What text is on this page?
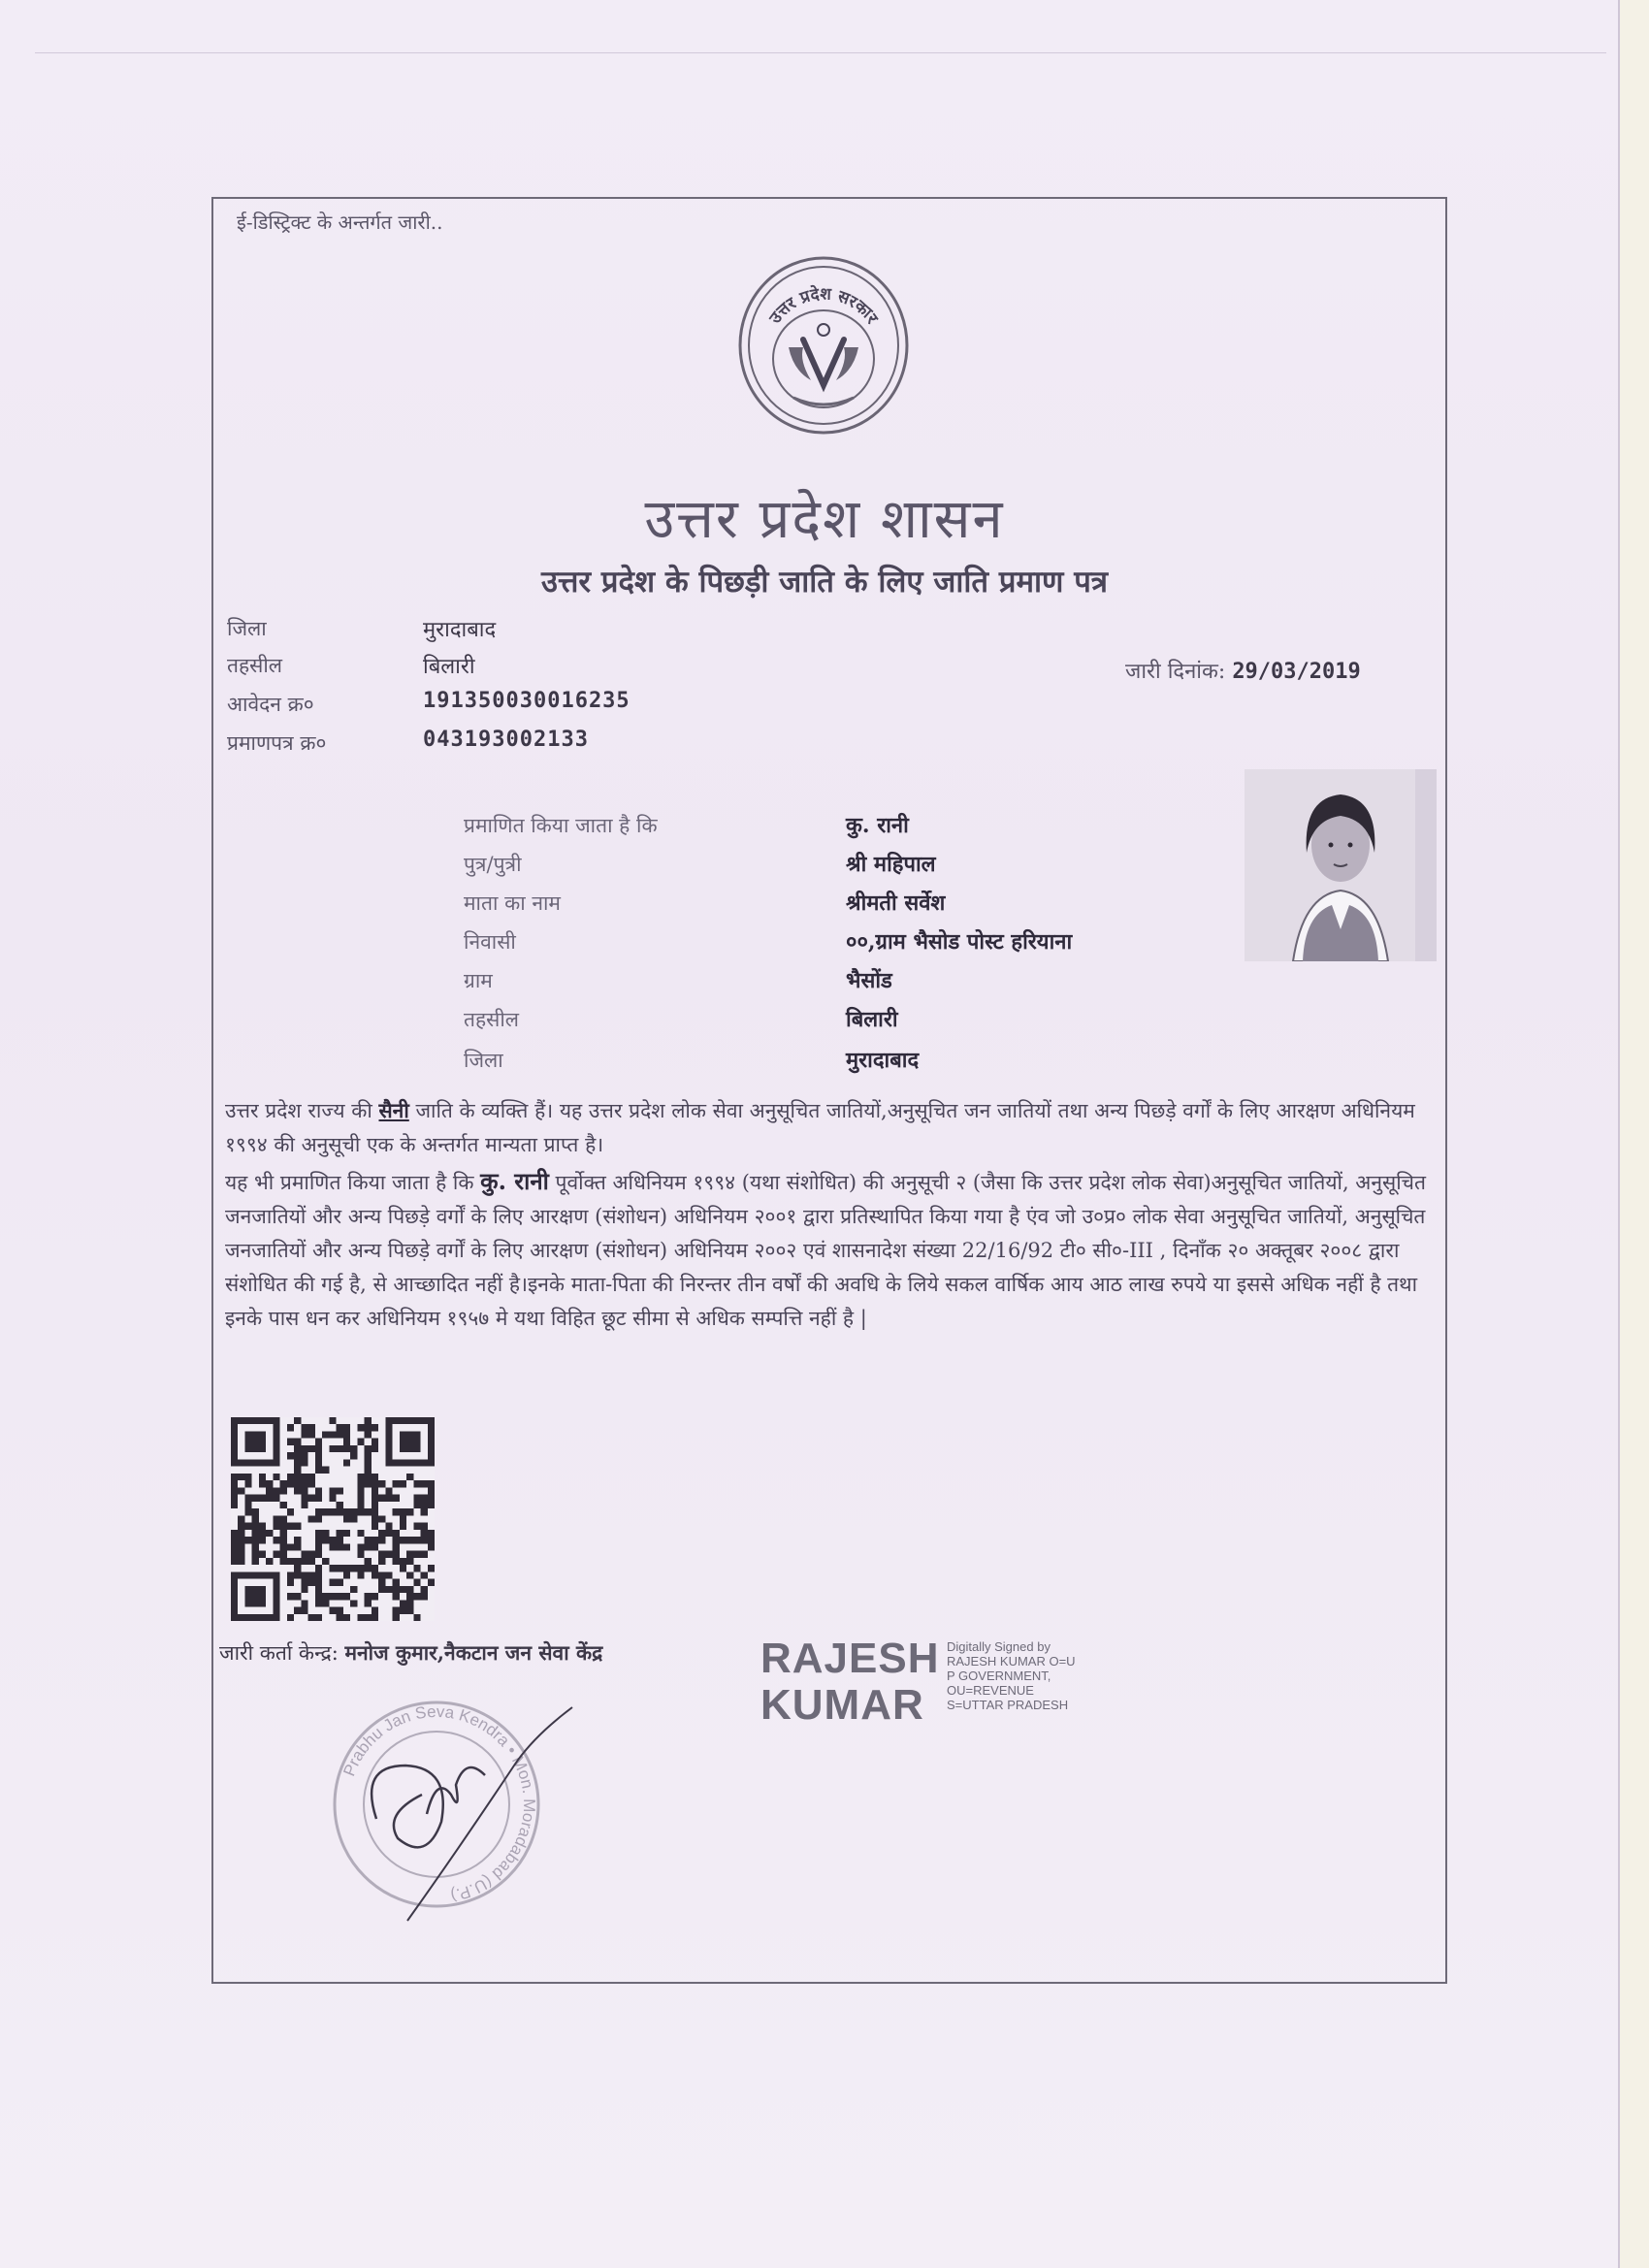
ई-डिस्ट्रिक्ट के अन्तर्गत जारी..
उत्तर प्रदेश सरकार
उत्तर प्रदेश शासन
उत्तर प्रदेश के पिछड़ी जाति के लिए जाति प्रमाण पत्र
जिला	मुरादाबाद
तहसील	बिलारी
आवेदन क्र०	191350030016235
प्रमाणपत्र क्र०	043193002133
जारी दिनांक: 29/03/2019
प्रमाणित किया जाता है कि	कु. रानी
पुत्र/पुत्री	श्री महिपाल
माता का नाम	श्रीमती सर्वेश
निवासी	००,ग्राम भैसोड पोस्ट हरियाना
ग्राम	भैसोंड
तहसील	बिलारी
जिला	मुरादाबाद
उत्तर प्रदेश राज्य की सैनी जाति के व्यक्ति हैं। यह उत्तर प्रदेश लोक सेवा अनुसूचित जातियों,अनुसूचित जन जातियों तथा अन्य पिछड़े वर्गों के लिए आरक्षण अधिनियम १९९४ की अनुसूची एक के अन्तर्गत मान्यता प्राप्त है।
यह भी प्रमाणित किया जाता है कि कु. रानी पूर्वोक्त अधिनियम १९९४ (यथा संशोधित) की अनुसूची २ (जैसा कि उत्तर प्रदेश लोक सेवा)अनुसूचित जातियों, अनुसूचित जनजातियों और अन्य पिछड़े वर्गों के लिए आरक्षण (संशोधन) अधिनियम २००१ द्वारा प्रतिस्थापित किया गया है एंव जो उ०प्र० लोक सेवा अनुसूचित जातियों, अनुसूचित जनजातियों और अन्य पिछड़े वर्गों के लिए आरक्षण (संशोधन) अधिनियम २००२ एवं शासनादेश संख्या 22/16/92 टी० सी०-III , दिनाँक २० अक्तूबर २००८ द्वारा संशोधित की गई है, से आच्छादित नहीं है।इनके माता-पिता की निरन्तर तीन वर्षों की अवधि के लिये सकल वार्षिक आय आठ लाख रुपये या इससे अधिक नहीं है तथा इनके पास धन कर अधिनियम १९५७ मे यथा विहित छूट सीमा से अधिक सम्पत्ति नहीं है |
जारी कर्ता केन्द्र: मनोज कुमार,नैकटान जन सेवा केंद्र	RAJESH
KUMAR
Digitally Signed by
RAJESH KUMAR O=U
P GOVERNMENT,
OU=REVENUE
S=UTTAR PRADESH
Prabhu Jan Seva Kendra • Mon. Moradabad (U.P.)
